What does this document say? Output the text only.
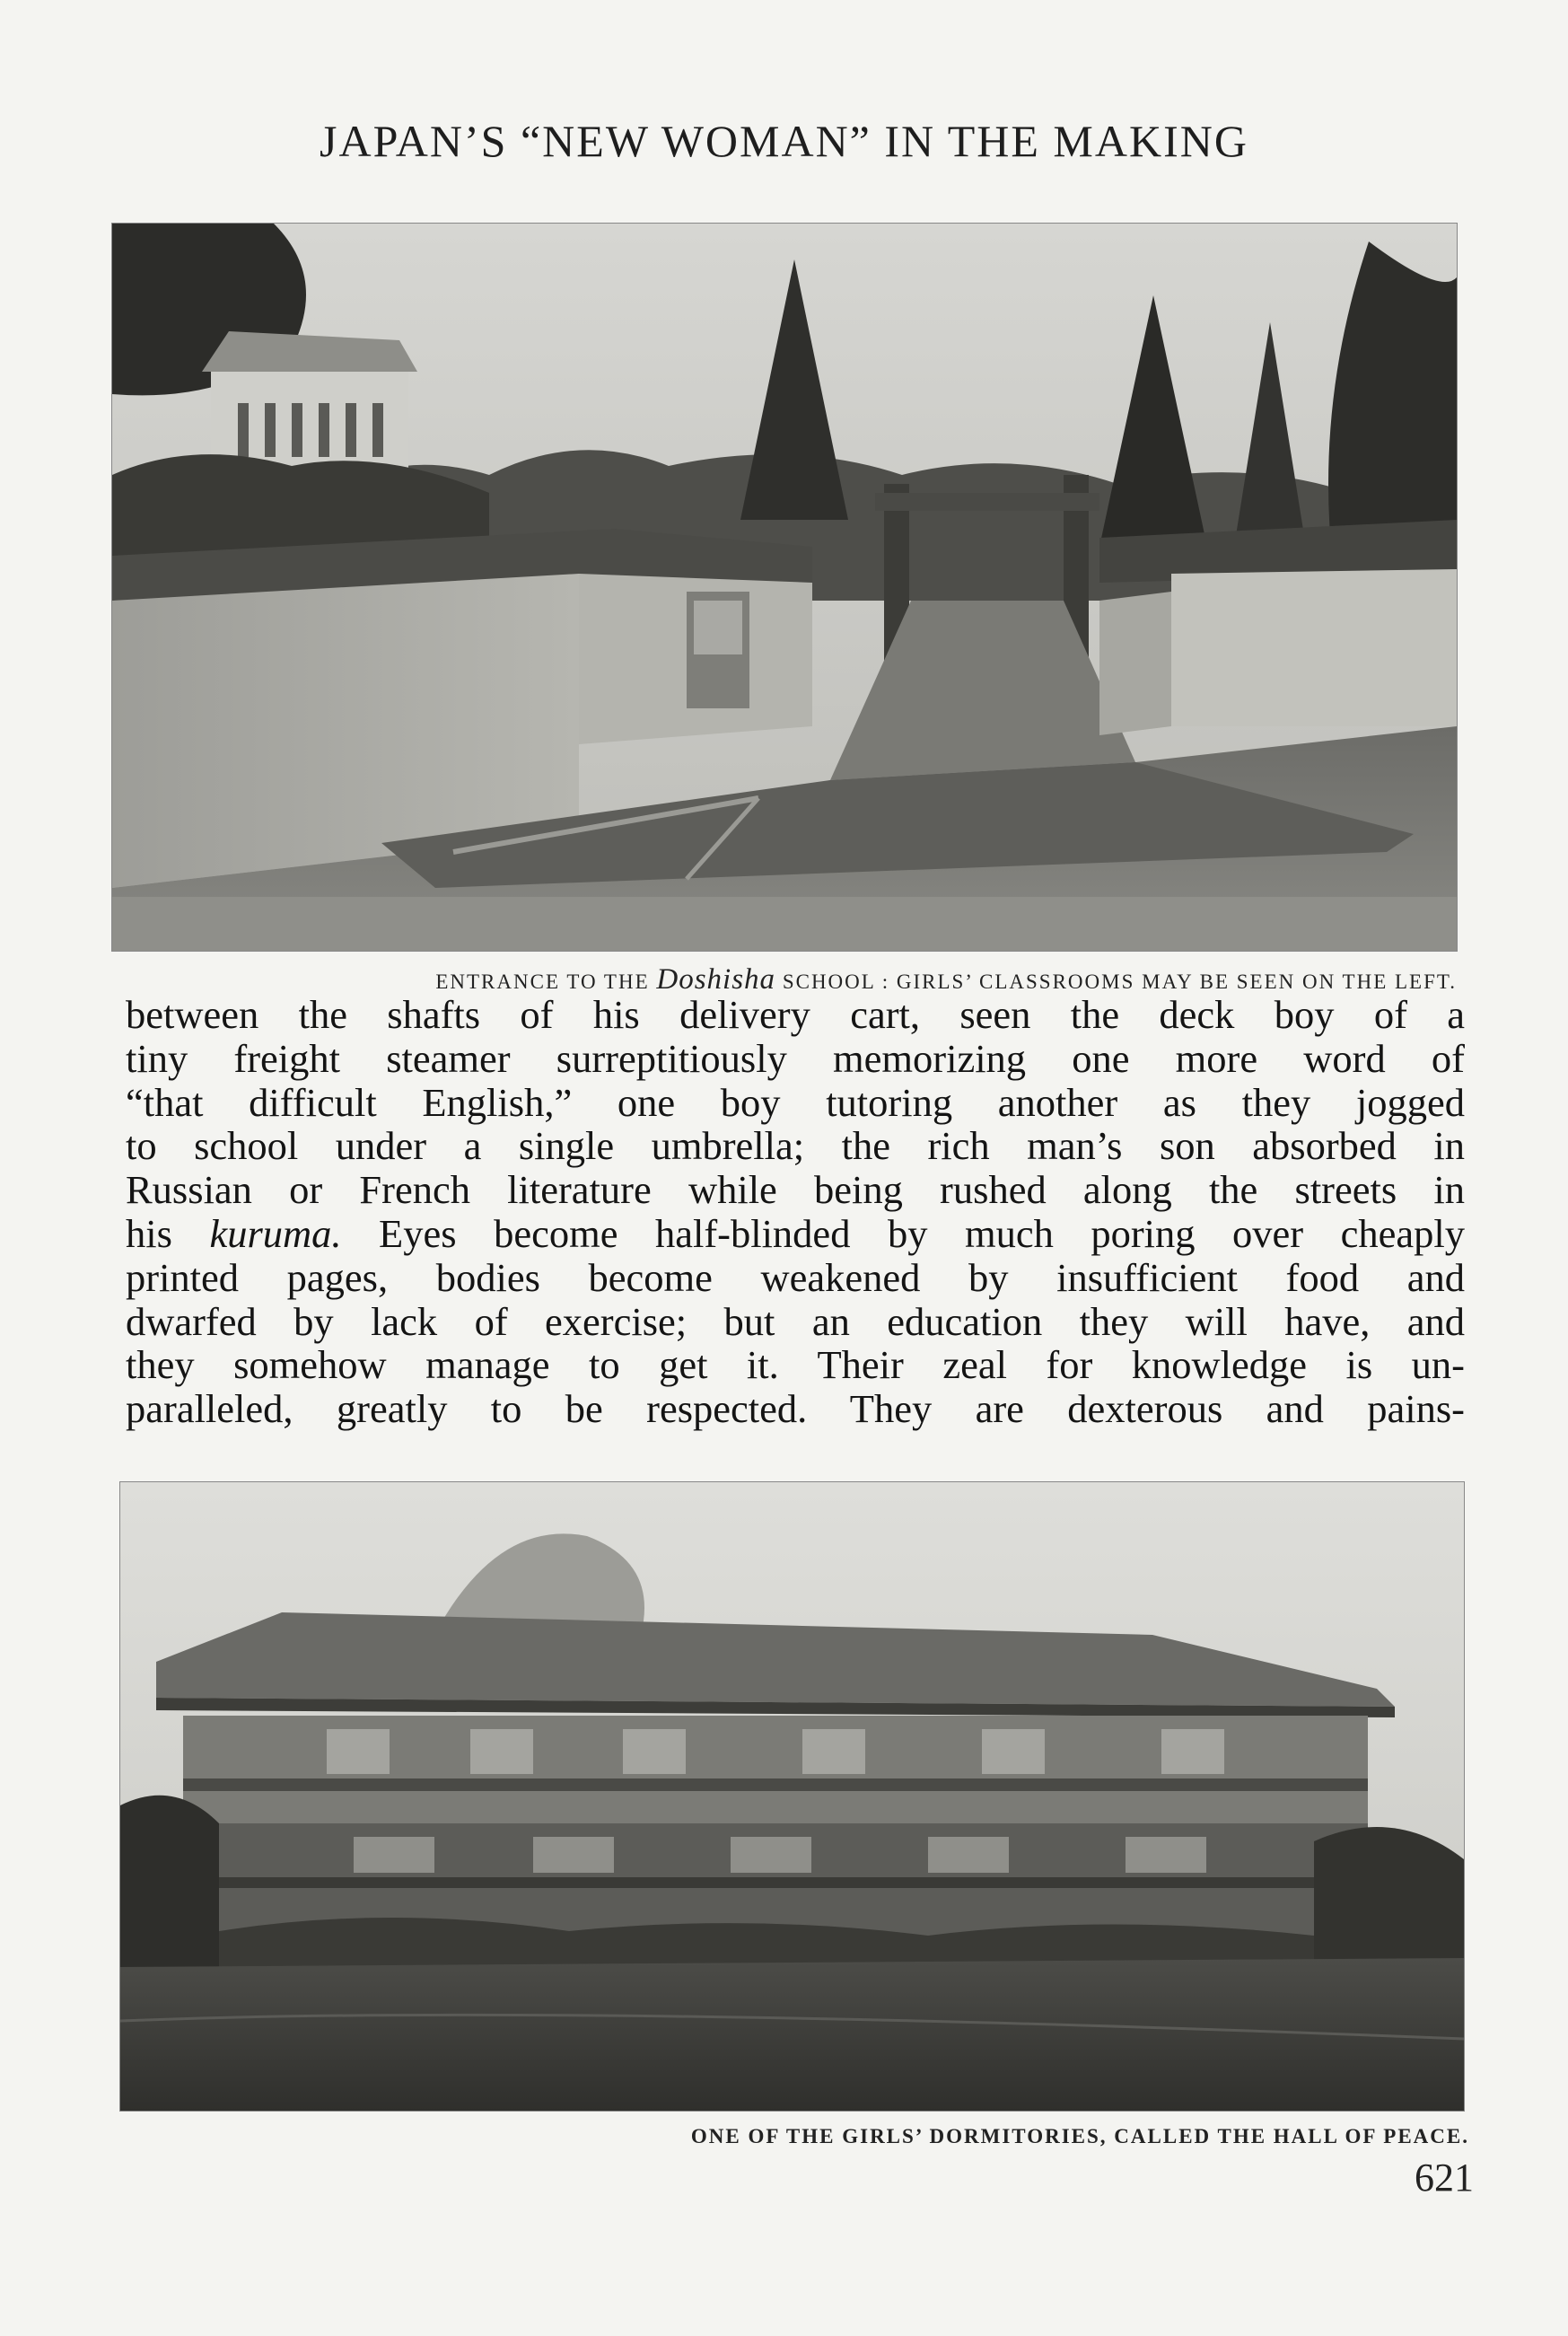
JAPAN’S “NEW WOMAN” IN THE MAKING
ENTRANCE TO THE Doshisha SCHOOL : GIRLS’ CLASSROOMS MAY BE SEEN ON THE LEFT.
between the shafts of his delivery cart, seen the deck boy of a
tiny freight steamer surreptitiously memorizing one more word of
“that difficult English,” one boy tutoring another as they jogged
to school under a single umbrella; the rich man’s son absorbed in
Russian or French literature while being rushed along the streets in
his kuruma. Eyes become half-blinded by much poring over cheaply
printed pages, bodies become weakened by insufficient food and
dwarfed by lack of exercise; but an education they will have, and
they somehow manage to get it. Their zeal for knowledge is un-
paralleled, greatly to be respected. They are dexterous and pains-
ONE OF THE GIRLS’ DORMITORIES, CALLED THE HALL OF PEACE.
621
